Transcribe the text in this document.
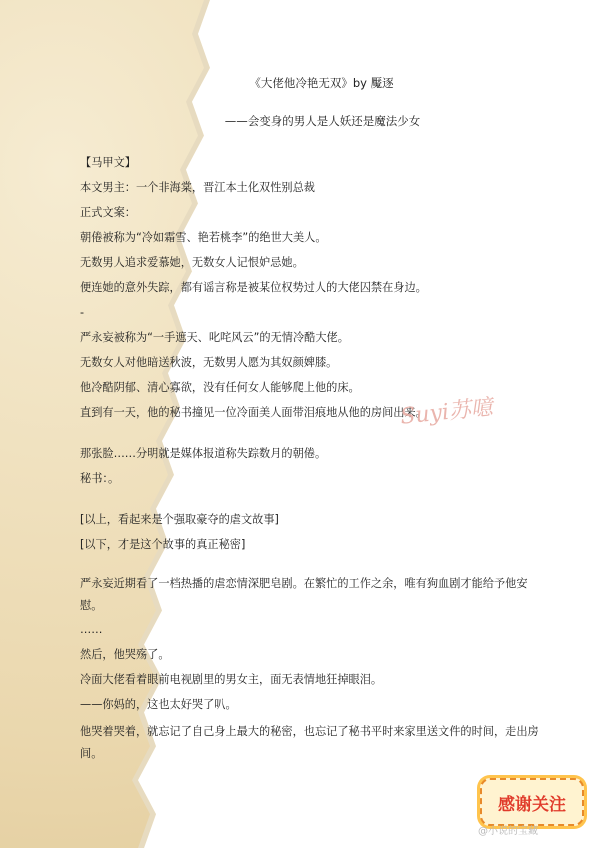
《大佬他冷艳无双》by 魘逐
——会变身的男人是人妖还是魔法少女
【马甲文】
本文男主：一个非海棠，晋江本土化双性别总裁
正式文案：
朝倦被称为“冷如霜雪、艳若桃李”的绝世大美人。
无数男人追求爱慕她，无数女人记恨妒忌她。
便连她的意外失踪，都有谣言称是被某位权势过人的大佬囚禁在身边。
-
严永妄被称为“一手遮天、叱咤风云”的无情冷酷大佬。
无数女人对他暗送秋波，无数男人愿为其奴颜婢膝。
他冷酷阴郁、清心寡欲，没有任何女人能够爬上他的床。
直到有一天，他的秘书撞见一位冷面美人面带泪痕地从他的房间出来。
那张脸……分明就是媒体报道称失踪数月的朝倦。
秘书：。
[以上，看起来是个强取豪夺的虐文故事]
[以下，才是这个故事的真正秘密]
严永妄近期看了一档热播的虐恋情深肥皂剧。在繁忙的工作之余，唯有狗血剧才能给予他安慰。
……
然后，他哭殇了。
冷面大佬看着眼前电视剧里的男女主，面无表情地狂掉眼泪。
——你妈的，这也太好哭了叭。
他哭着哭着，就忘记了自己身上最大的秘密，也忘记了秘书平时来家里送文件的时间，走出房间。
Suyi苏噫
感谢关注
@小说的宝藏
